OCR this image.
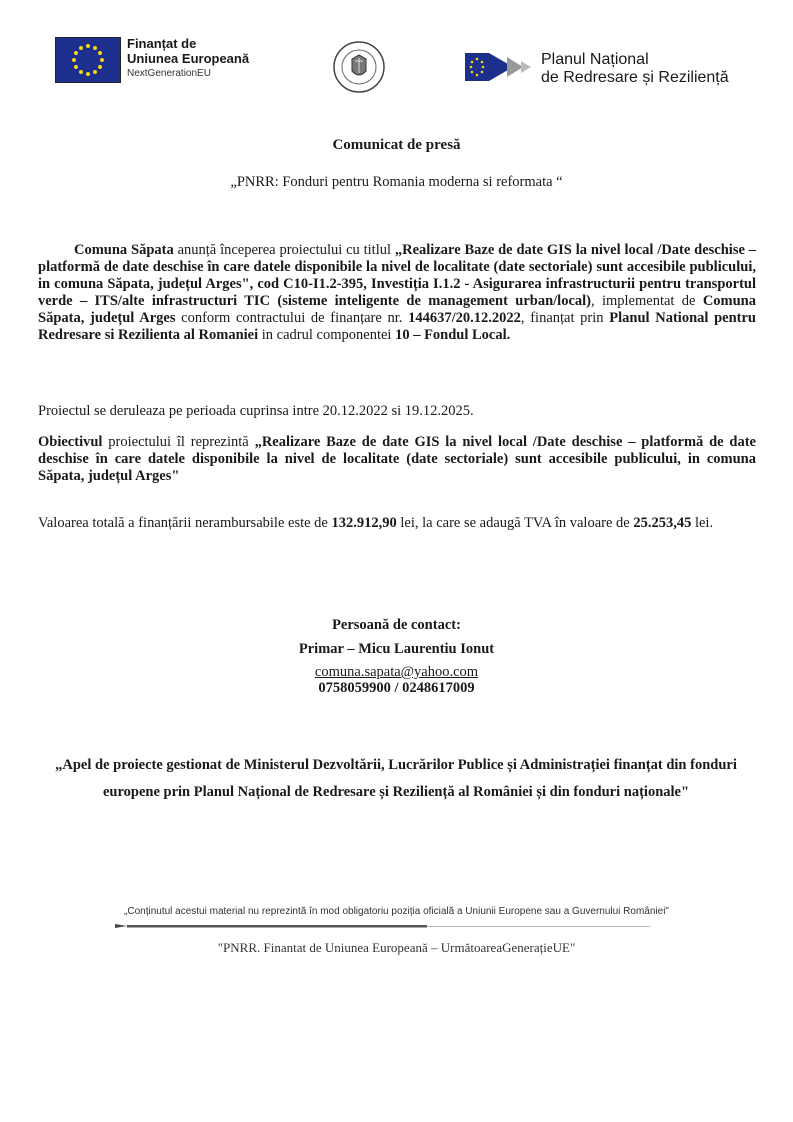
Finanțat de
Uniunea Europeană
NextGenerationEU
Planul Național
de Redresare și Reziliență
Comunicat de presă
„PNRR: Fonduri pentru Romania moderna si reformata “
Comuna Săpata anunță începerea proiectului cu titlul „Realizare Baze de date GIS la nivel local /Date deschise – platformă de date deschise în care datele disponibile la nivel de localitate (date sectoriale) sunt accesibile publicului, in comuna Săpata, județul Arges", cod C10-I1.2-395, Investiția I.1.2 - Asigurarea infrastructurii pentru transportul verde – ITS/alte infrastructuri TIC (sisteme inteligente de management urban/local), implementat de Comuna Săpata, județul Arges conform contractului de finanțare nr. 144637/20.12.2022, finanțat prin Planul National pentru Redresare si Rezilienta al Romaniei in cadrul componentei 10 – Fondul Local.
Proiectul se deruleaza pe perioada cuprinsa intre 20.12.2022 si 19.12.2025.
Obiectivul proiectului îl reprezintă „Realizare Baze de date GIS la nivel local /Date deschise – platformă de date deschise în care datele disponibile la nivel de localitate (date sectoriale) sunt accesibile publicului, in comuna Săpata, județul Arges"
Valoarea totală a finanțării nerambursabile este de 132.912,90 lei, la care se adaugă TVA în valoare de 25.253,45 lei.
Persoană de contact:
Primar – Micu Laurentiu Ionut
comuna.sapata@yahoo.com
0758059900 / 0248617009
„Apel de proiecte gestionat de Ministerul Dezvoltării, Lucrărilor Publice și Administrației finanțat din fonduri europene prin Planul Național de Redresare și Reziliență al României și din fonduri naționale"
„Conținutul acestui material nu reprezintă în mod obligatoriu poziția oficială a Uniunii Europene sau a Guvernului României"
"PNRR. Finantat de Uniunea Europeană – UrmătoareaGenerațieUE"
